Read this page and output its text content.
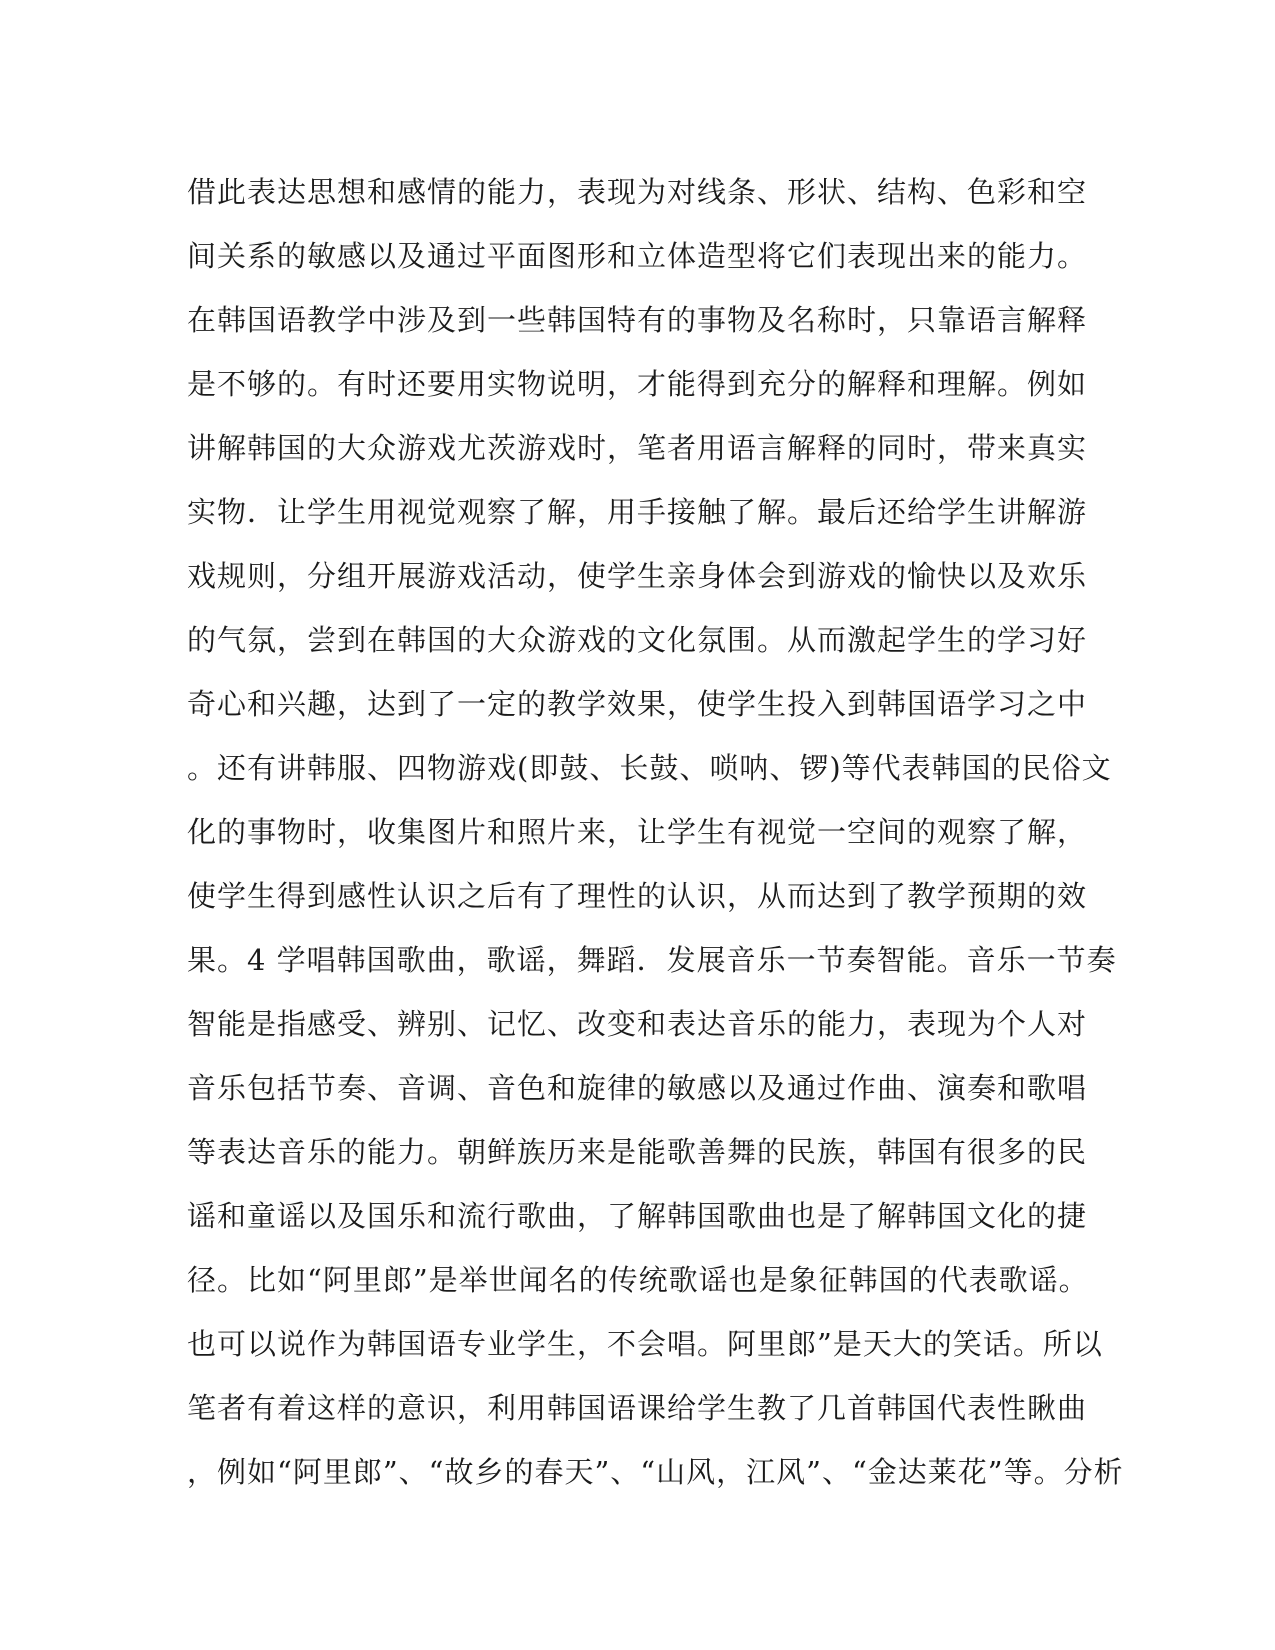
借此表达思想和感情的能力，表现为对线条、形状、结构、色彩和空
间关系的敏感以及通过平面图形和立体造型将它们表现出来的能力。
在韩国语教学中涉及到一些韩国特有的事物及名称时，只靠语言解释
是不够的。有时还要用实物说明，才能得到充分的解释和理解。例如
讲解韩国的大众游戏尤茨游戏时，笔者用语言解释的同时，带来真实
实物．让学生用视觉观察了解，用手接触了解。最后还给学生讲解游
戏规则，分组开展游戏活动，使学生亲身体会到游戏的愉快以及欢乐
的气氛，尝到在韩国的大众游戏的文化氛围。从而激起学生的学习好
奇心和兴趣，达到了一定的教学效果，使学生投入到韩国语学习之中
。还有讲韩服、四物游戏(即鼓、长鼓、唢呐、锣)等代表韩国的民俗文
化的事物时，收集图片和照片来，让学生有视觉一空间的观察了解，
使学生得到感性认识之后有了理性的认识，从而达到了教学预期的效
果。4 学唱韩国歌曲，歌谣，舞蹈．发展音乐一节奏智能。音乐一节奏
智能是指感受、辨别、记忆、改变和表达音乐的能力，表现为个人对
音乐包括节奏、音调、音色和旋律的敏感以及通过作曲、演奏和歌唱
等表达音乐的能力。朝鲜族历来是能歌善舞的民族，韩国有很多的民
谣和童谣以及国乐和流行歌曲，了解韩国歌曲也是了解韩国文化的捷
径。比如“阿里郎”是举世闻名的传统歌谣也是象征韩国的代表歌谣。
也可以说作为韩国语专业学生，不会唱。阿里郎”是天大的笑话。所以
笔者有着这样的意识，利用韩国语课给学生教了几首韩国代表性瞅曲
，例如“阿里郎”、“故乡的春天”、“山风，江风”、“金达莱花”等。分析
